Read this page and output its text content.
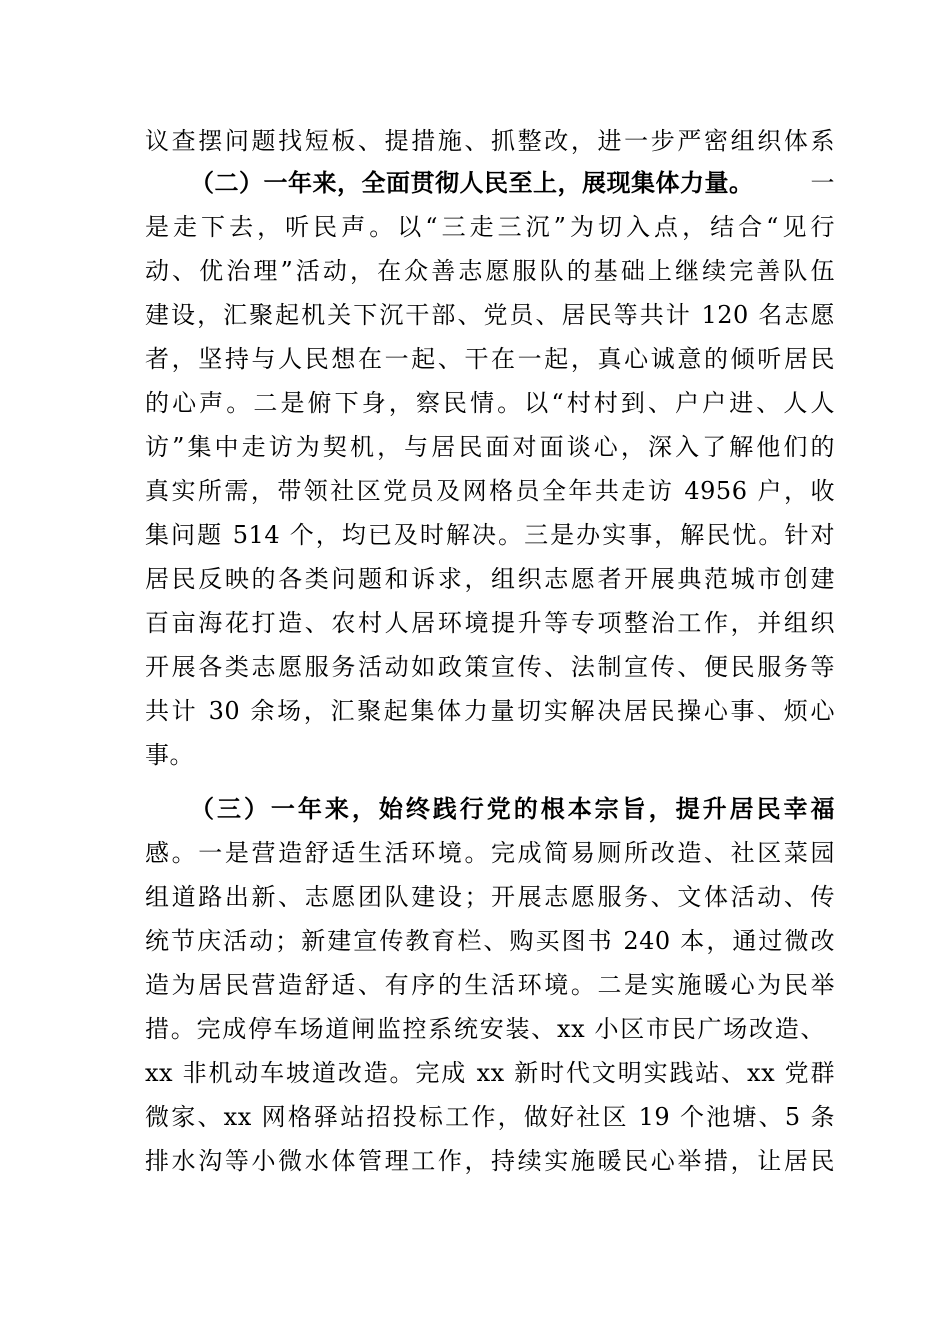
议查摆问题找短板、提措施、抓整改，进一步严密组织体系
（二）一年来，全面贯彻人民至上，展现集体力量。	一
是走下去，听民声。以“三走三沉”为切入点，结合“见行
动、优治理”活动，在众善志愿服队的基础上继续完善队伍
建设，汇聚起机关下沉干部、党员、居民等共计 120 名志愿
者，坚持与人民想在一起、干在一起，真心诚意的倾听居民
的心声。二是俯下身，察民情。以“村村到、户户进、人人
访”集中走访为契机，与居民面对面谈心，深入了解他们的
真实所需，带领社区党员及网格员全年共走访 4956 户，收
集问题 514 个，均已及时解决。三是办实事，解民忧。针对
居民反映的各类问题和诉求，组织志愿者开展典范城市创建
百亩海花打造、农村人居环境提升等专项整治工作，并组织
开展各类志愿服务活动如政策宣传、法制宣传、便民服务等
共计 30 余场，汇聚起集体力量切实解决居民操心事、烦心
事。
（三）一年来，始终践行党的根本宗旨，提升居民幸福
感。一是营造舒适生活环境。完成简易厕所改造、社区菜园
组道路出新、志愿团队建设；开展志愿服务、文体活动、传
统节庆活动；新建宣传教育栏、购买图书 240 本，通过微改
造为居民营造舒适、有序的生活环境。二是实施暖心为民举
措。完成停车场道闸监控系统安装、xx 小区市民广场改造、
xx 非机动车坡道改造。完成 xx 新时代文明实践站、xx 党群
微家、xx 网格驿站招投标工作，做好社区 19 个池塘、5 条
排水沟等小微水体管理工作，持续实施暖民心举措，让居民
